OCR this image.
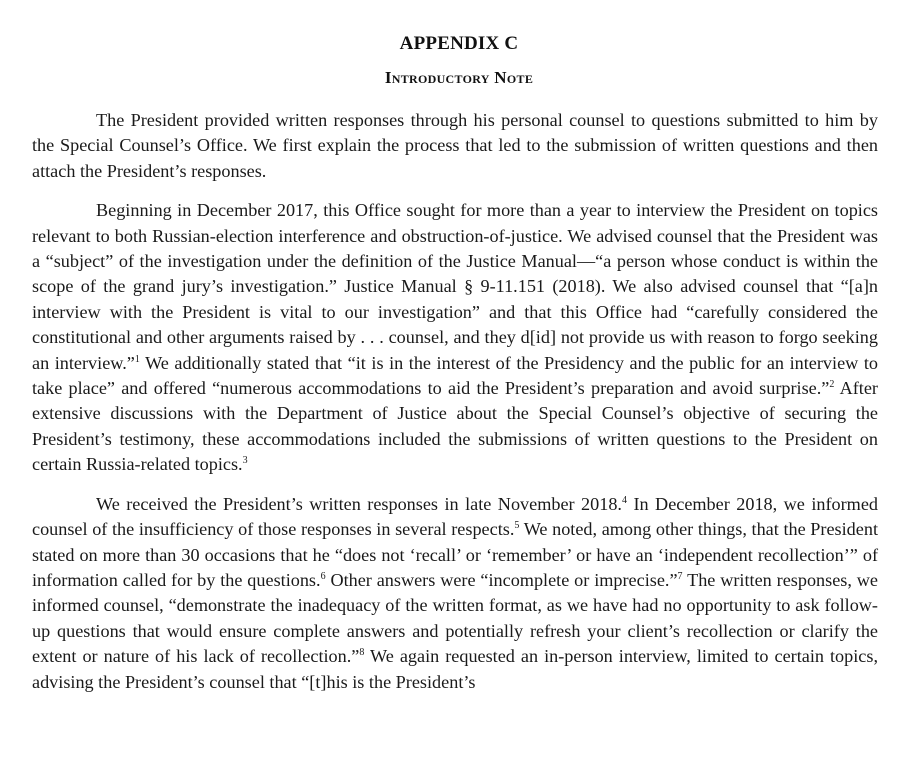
APPENDIX C
Introductory Note

The President provided written responses through his personal counsel to questions submitted to him by the Special Counsel’s Office. We first explain the process that led to the submission of written questions and then attach the President’s responses.

Beginning in December 2017, this Office sought for more than a year to interview the President on topics relevant to both Russian-election interference and obstruction-of-justice. We advised counsel that the President was a “subject” of the investigation under the definition of the Justice Manual—“a person whose conduct is within the scope of the grand jury’s investigation.” Justice Manual § 9-11.151 (2018). We also advised counsel that “[a]n interview with the President is vital to our investigation” and that this Office had “carefully considered the constitutional and other arguments raised by . . . counsel, and they d[id] not provide us with reason to forgo seeking an interview.”$^1$ We additionally stated that “it is in the interest of the Presidency and the public for an interview to take place” and offered “numerous accommodations to aid the President’s preparation and avoid surprise.”$^2$ After extensive discussions with the Department of Justice about the Special Counsel’s objective of securing the President’s testimony, these accommodations included the submissions of written questions to the President on certain Russia-related topics.$^3$

We received the President’s written responses in late November 2018.$^4$ In December 2018, we informed counsel of the insufficiency of those responses in several respects.$^5$ We noted, among other things, that the President stated on more than 30 occasions that he “does not ‘recall’ or ‘remember’ or have an ‘independent recollection’” of information called for by the questions.$^6$ Other answers were “incomplete or imprecise.”$^7$ The written responses, we informed counsel, “demonstrate the inadequacy of the written format, as we have had no opportunity to ask follow-up questions that would ensure complete answers and potentially refresh your client’s recollection or clarify the extent or nature of his lack of recollection.”$^8$ We again requested an in-person interview, limited to certain topics, advising the President’s counsel that “[t]his is the President’s
